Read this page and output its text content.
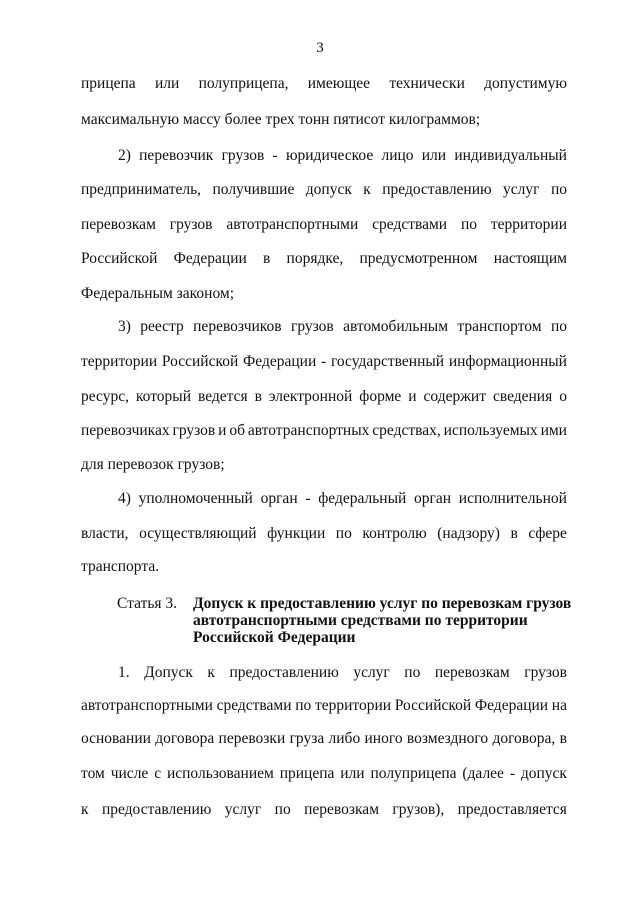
3
прицепа или полуприцепа, имеющее технически допустимую
максимальную массу более трех тонн пятисот килограммов;
2) перевозчик грузов - юридическое лицо или индивидуальный
предприниматель, получившие допуск к предоставлению услуг по
перевозкам грузов автотранспортными средствами по территории
Российской Федерации в порядке, предусмотренном настоящим
Федеральным законом;
3) реестр перевозчиков грузов автомобильным транспортом по
территории Российской Федерации - государственный информационный
ресурс, который ведется в электронной форме и содержит сведения о
перевозчиках грузов и об автотранспортных средствах, используемых ими
для перевозок грузов;
4) уполномоченный орган - федеральный орган исполнительной
власти, осуществляющий функции по контролю (надзору) в сфере
транспорта.
Статья 3. Допуск к предоставлению услуг по перевозкам грузов
автотранспортными средствами по территории
Российской Федерации
1. Допуск к предоставлению услуг по перевозкам грузов
автотранспортными средствами по территории Российской Федерации на
основании договора перевозки груза либо иного возмездного договора, в
том числе с использованием прицепа или полуприцепа (далее - допуск
к предоставлению услуг по перевозкам грузов), предоставляется
